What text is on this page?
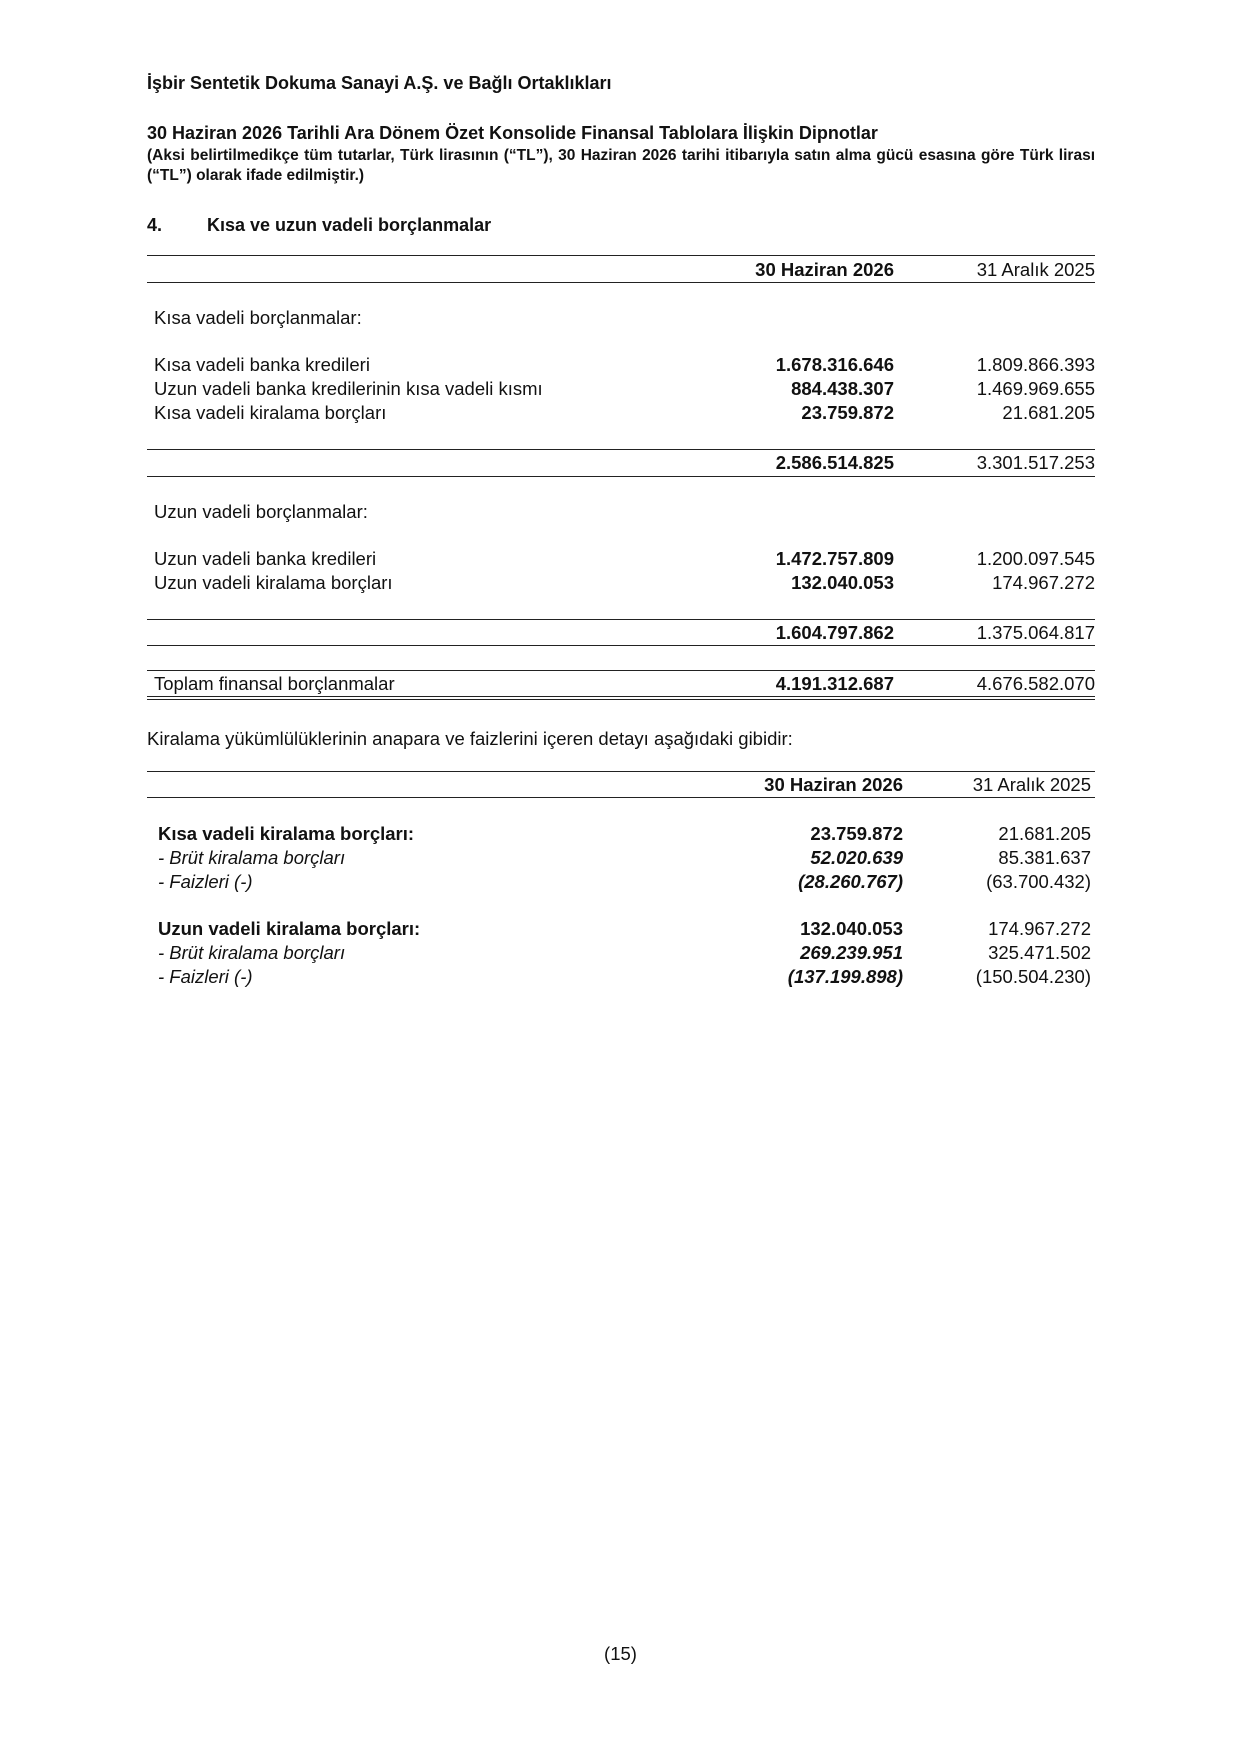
İşbir Sentetik Dokuma Sanayi A.Ş. ve Bağlı Ortaklıkları
30 Haziran 2026 Tarihli Ara Dönem Özet Konsolide Finansal Tablolara İlişkin Dipnotlar
(Aksi belirtilmedikçe tüm tutarlar, Türk lirasının (“TL”), 30 Haziran 2026 tarihi itibarıyla satın alma gücü esasına göre Türk lirası (“TL”) olarak ifade edilmiştir.)
4. Kısa ve uzun vadeli borçlanmalar
30 Haziran 2026	31 Aralık 2025
Kısa vadeli borçlanmalar:
Kısa vadeli banka kredileri	1.678.316.646	1.809.866.393
Uzun vadeli banka kredilerinin kısa vadeli kısmı	884.438.307	1.469.969.655
Kısa vadeli kiralama borçları	23.759.872	21.681.205
2.586.514.825	3.301.517.253
Uzun vadeli borçlanmalar:
Uzun vadeli banka kredileri	1.472.757.809	1.200.097.545
Uzun vadeli kiralama borçları	132.040.053	174.967.272
1.604.797.862	1.375.064.817
Toplam finansal borçlanmalar	4.191.312.687	4.676.582.070
Kiralama yükümlülüklerinin anapara ve faizlerini içeren detayı aşağıdaki gibidir:
30 Haziran 2026	31 Aralık 2025
Kısa vadeli kiralama borçları:	23.759.872	21.681.205
- Brüt kiralama borçları	52.020.639	85.381.637
- Faizleri (-)	(28.260.767)	(63.700.432)
Uzun vadeli kiralama borçları:	132.040.053	174.967.272
- Brüt kiralama borçları	269.239.951	325.471.502
- Faizleri (-)	(137.199.898)	(150.504.230)
(15)
